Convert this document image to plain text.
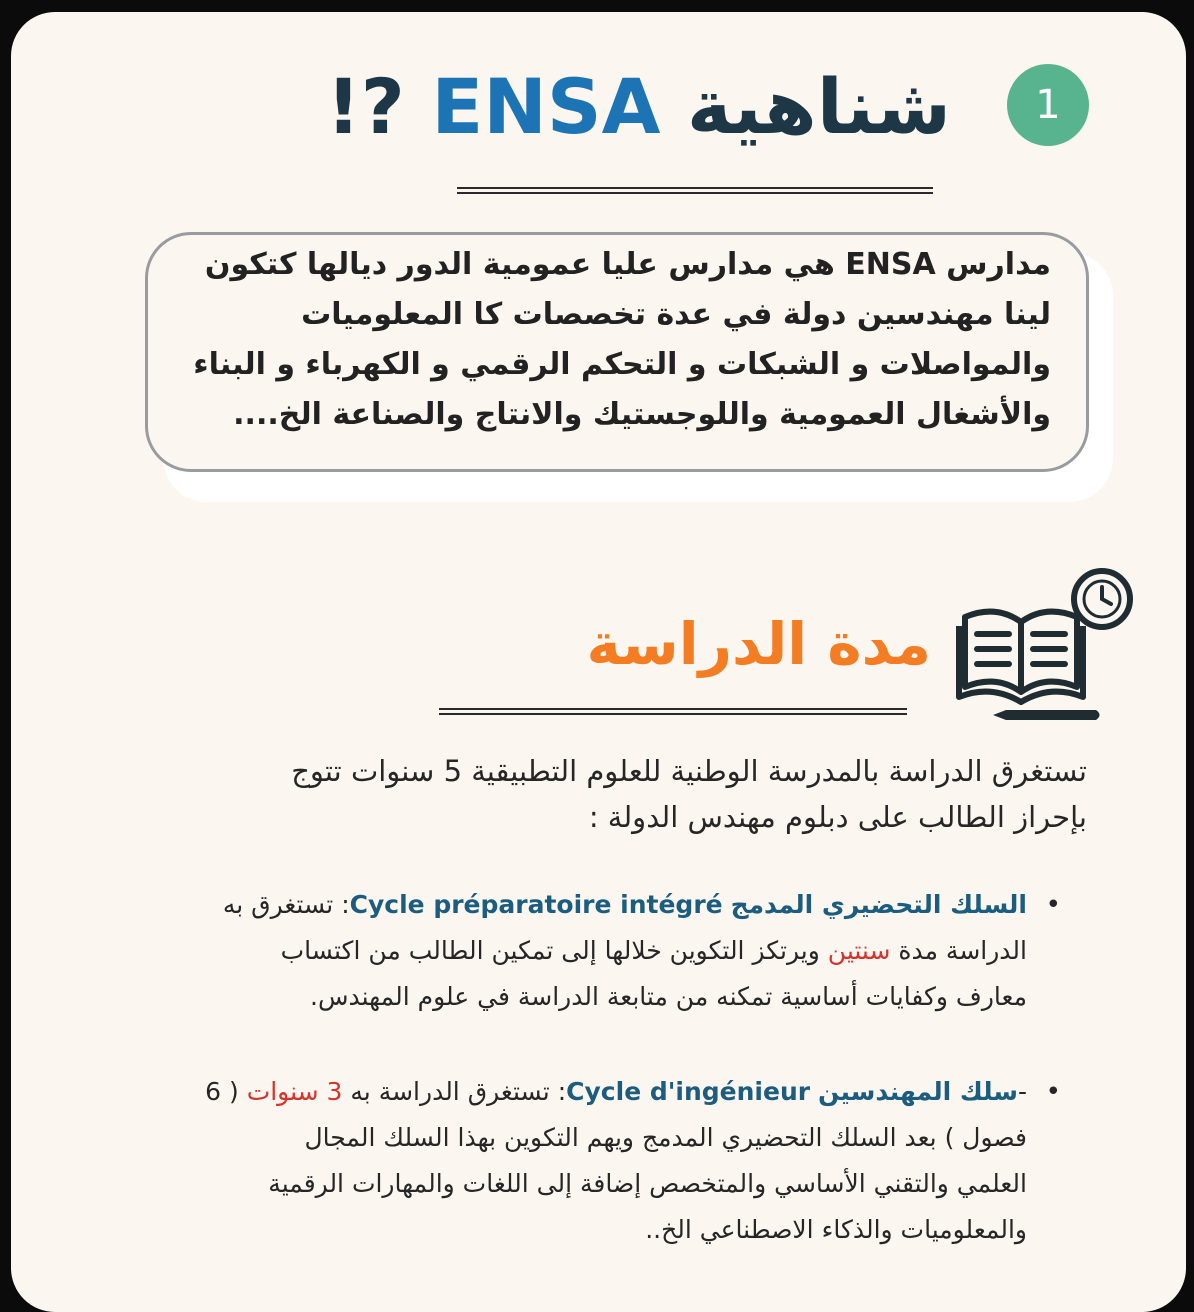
1
شناهية ENSA ?!
مدارس ENSA هي مدارس عليا عمومية الدور ديالها كتكون
لينا مهندسين دولة في عدة تخصصات كا المعلوميات
والمواصلات و الشبكات و التحكم الرقمي و الكهرباء و البناء
والأشغال العمومية واللوجستيك والانتاج والصناعة الخ....
مدة الدراسة
تستغرق الدراسة بالمدرسة الوطنية للعلوم التطبيقية 5 سنوات تتوج
بإحراز الطالب على دبلوم مهندس الدولة :
•
السلك التحضيري المدمج Cycle préparatoire intégré: تستغرق به
الدراسة مدة سنتين ويرتكز التكوين خلالها إلى تمكين الطالب من اكتساب
معارف وكفايات أساسية تمكنه من متابعة الدراسة في علوم المهندس.
•
-سلك المهندسين Cycle d'ingénieur: تستغرق الدراسة به 3 سنوات ( 6
فصول ) بعد السلك التحضيري المدمج ويهم التكوين بهذا السلك المجال
العلمي والتقني الأساسي والمتخصص إضافة إلى اللغات والمهارات الرقمية
والمعلوميات والذكاء الاصطناعي الخ..
